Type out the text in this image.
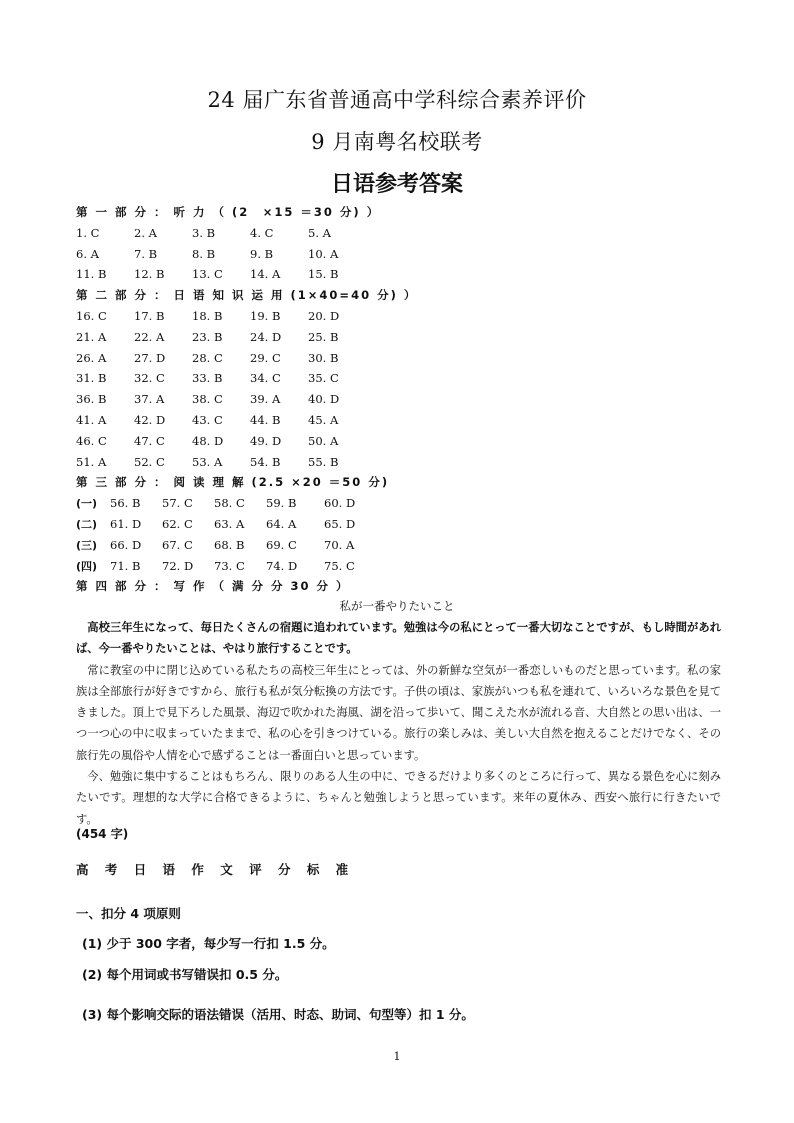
24 届广东省普通高中学科综合素养评价
9 月南粤名校联考
日语参考答案
第 一 部 分 ： 听 力 （ (2　×15 ＝30 分) ）
1. C	2. A	3. B	4. C	5. A
6. A	7. B	8. B	9. B	10. A
11. B 12. B 13. C 14. A 15. B
第 二 部 分 ： 日 语 知 识 运 用 (1×40=40 分) ）
16. C 17. B 18. B 19. B 20. D
21. A 22. A 23. B 24. D 25. B
26. A 27. D 28. C 29. C 30. B
31. B 32. C 33. B 34. C 35. C
36. B 37. A 38. C 39. A 40. D
41. A 42. D 43. C 44. B 45. A
46. C 47. C 48. D 49. D 50. A
51. A 52. C 53. A 54. B 55. B
第 三 部 分 ： 阅 读 理 解 (2.5 ×20 ＝50 分)
(一) 56. B 57. C 58. C 59. B 60. D
(二) 61. D 62. C 63. A 64. A 65. D
(三) 66. D 67. C 68. B 69. C 70. A
(四) 71. B 72. D 73. C 74. D 75. C
第 四 部 分 ： 写 作 （ 满 分 分 30 分 ）
私が一番やりたいこと

高校三年生になって、毎日たくさんの宿題に追われています。勉強は今の私にとって一番大切なことですが、もし時間があれば、今一番やりたいことは、やはり旅行することです。

常に教室の中に閉じ込めている私たちの高校三年生にとっては、外の新鮮な空気が一番恋しいものだと思っています。私の家族は全部旅行が好きですから、旅行も私が気分転換の方法です。子供の頃は、家族がいつも私を連れて、いろいろな景色を見てきました。頂上で見下ろした風景、海辺で吹かれた海風、湖を沿って歩いて、聞こえた水が流れる音、大自然との思い出は、一つ一つ心の中に収まっていたままで、私の心を引きつけている。旅行の楽しみは、美しい大自然を抱えることだけでなく、その旅行先の風俗や人情を心で感ずることは一番面白いと思っています。

今、勉強に集中することはもちろん、限りのある人生の中に、できるだけより多くのところに行って、異なる景色を心に刻みたいです。理想的な大学に合格できるように、ちゃんと勉強しようと思っています。来年の夏休み、西安へ旅行に行きたいです。

(454 字)
高 考 日 语 作 文 评 分 标 准
一、扣分 4 项原则
(1) 少于 300 字者，每少写一行扣 1.5 分。
(2) 每个用词或书写错误扣 0.5 分。
(3) 每个影响交际的语法错误（活用、时态、助词、句型等）扣 1 分。
1
